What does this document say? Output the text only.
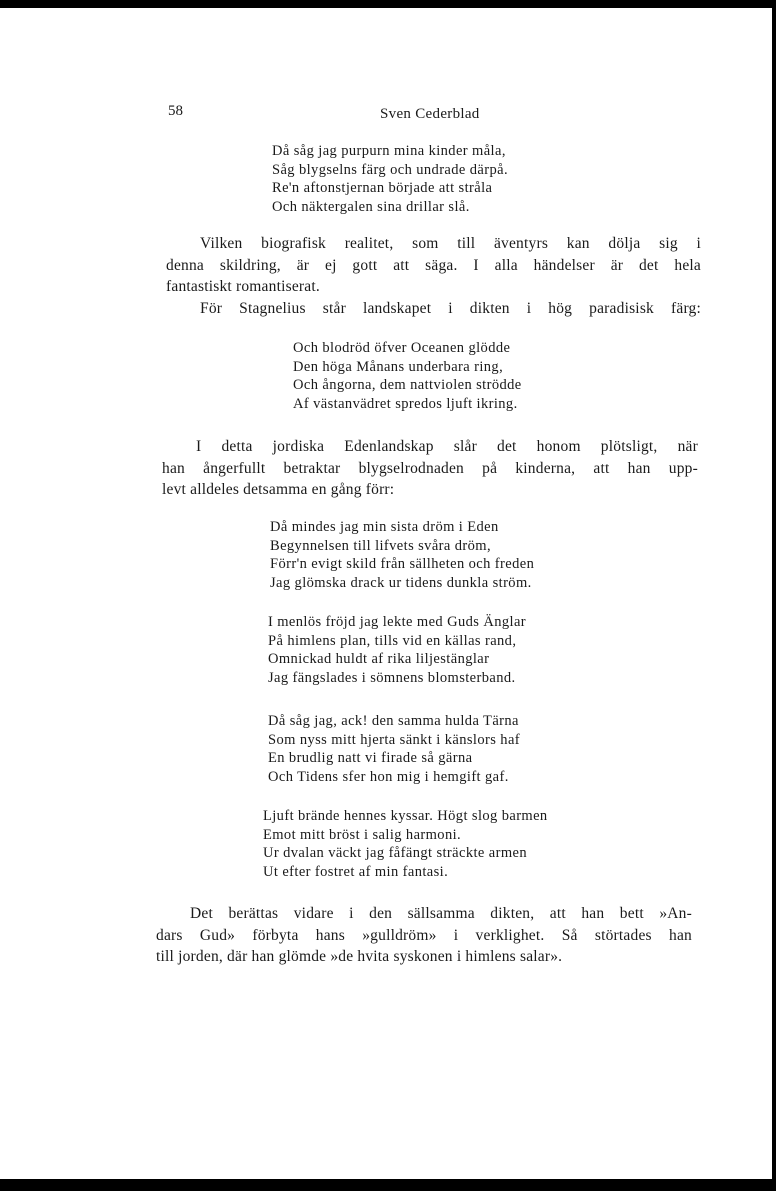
58	Sven Cederblad
Då såg jag purpurn mina kinder måla,
Såg blygselns färg och undrade därpå.
Re'n aftonstjernan började att stråla
Och näktergalen sina drillar slå.
Vilken biografisk realitet, som till äventyrs kan dölja sig i
denna skildring, är ej gott att säga. I alla händelser är det hela
fantastiskt romantiserat.
För Stagnelius står landskapet i dikten i hög paradisisk färg:
Och blodröd öfver Oceanen glödde
Den höga Månans underbara ring,
Och ångorna, dem nattviolen strödde
Af västanvädret spredos ljuft ikring.
I detta jordiska Edenlandskap slår det honom plötsligt, när
han ångerfullt betraktar blygselrodnaden på kinderna, att han upp-
levt alldeles detsamma en gång förr:
Då mindes jag min sista dröm i Eden
Begynnelsen till lifvets svåra dröm,
Förr'n evigt skild från sällheten och freden
Jag glömska drack ur tidens dunkla ström.
I menlös fröjd jag lekte med Guds Änglar
På himlens plan, tills vid en källas rand,
Omnickad huldt af rika liljestänglar
Jag fängslades i sömnens blomsterband.
Då såg jag, ack! den samma hulda Tärna
Som nyss mitt hjerta sänkt i känslors haf
En brudlig natt vi firade så gärna
Och Tidens sfer hon mig i hemgift gaf.
Ljuft brände hennes kyssar. Högt slog barmen
Emot mitt bröst i salig harmoni.
Ur dvalan väckt jag fåfängt sträckte armen
Ut efter fostret af min fantasi.
Det berättas vidare i den sällsamma dikten, att han bett »An-
dars Gud» förbyta hans »gulldröm» i verklighet. Så störtades han
till jorden, där han glömde »de hvita syskonen i himlens salar».
